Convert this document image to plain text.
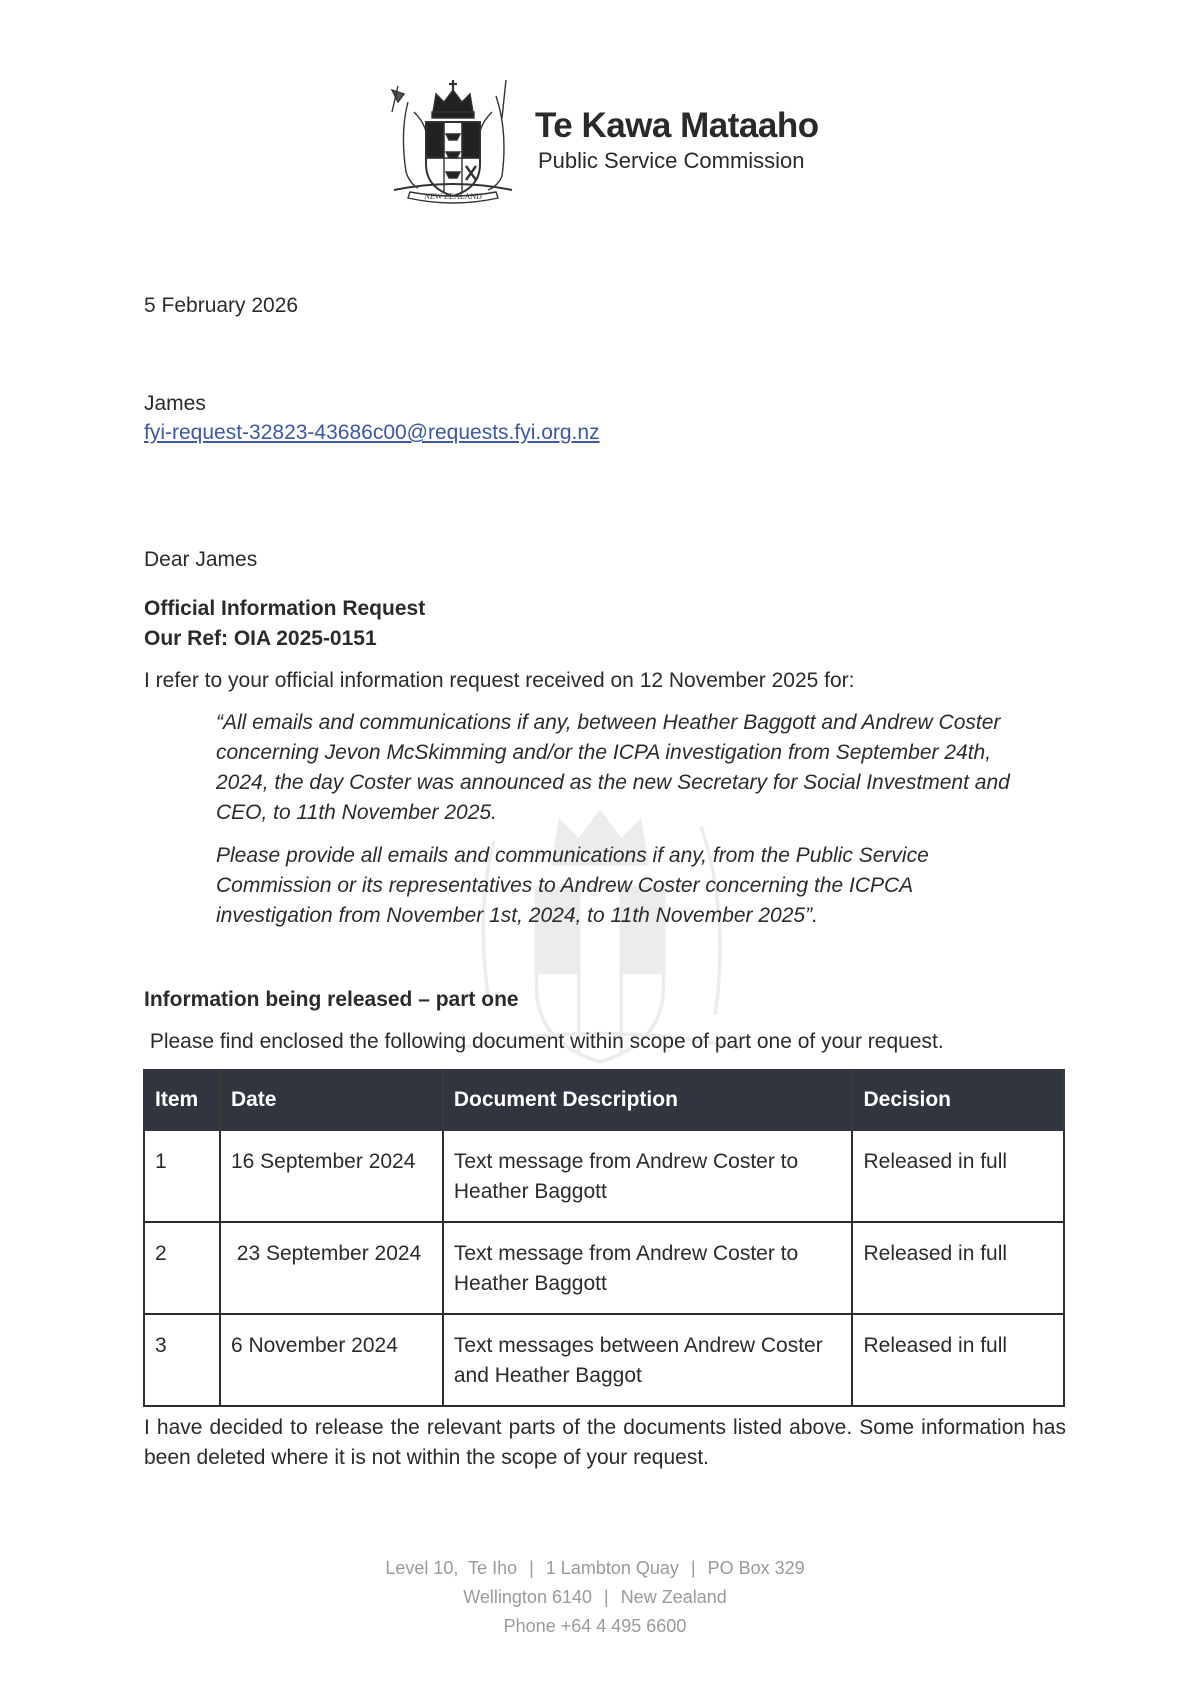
NEW ZEALAND
Te Kawa Mataaho
Public Service Commission
5 February 2026
James
fyi-request-32823-43686c00@requests.fyi.org.nz
Dear James
Official Information Request
Our Ref: OIA 2025-0151
I refer to your official information request received on 12 November 2025 for:
“All emails and communications if any, between Heather Baggott and Andrew Coster
concerning Jevon McSkimming and/or the ICPA investigation from September 24th,
2024, the day Coster was announced as the new Secretary for Social Investment and
CEO, to 11th November 2025.
Please provide all emails and communications if any, from the Public Service
Commission or its representatives to Andrew Coster concerning the ICPCA
investigation from November 1st, 2024, to 11th November 2025”.
Information being released – part one
Please find enclosed the following document within scope of part one of your request.
Item	Date	Document Description	Decision
1	16 September 2024	Text message from Andrew Coster to Heather Baggott	Released in full
2	23 September 2024	Text message from Andrew Coster to Heather Baggott	Released in full
3	6 November 2024	Text messages between Andrew Coster and Heather Baggot	Released in full
I have decided to release the relevant parts of the documents listed above. Some information has been deleted where it is not within the scope of your request.
Level 10,  Te Iho | 1 Lambton Quay | PO Box 329
Wellington 6140 | New Zealand
Phone +64 4 495 6600
